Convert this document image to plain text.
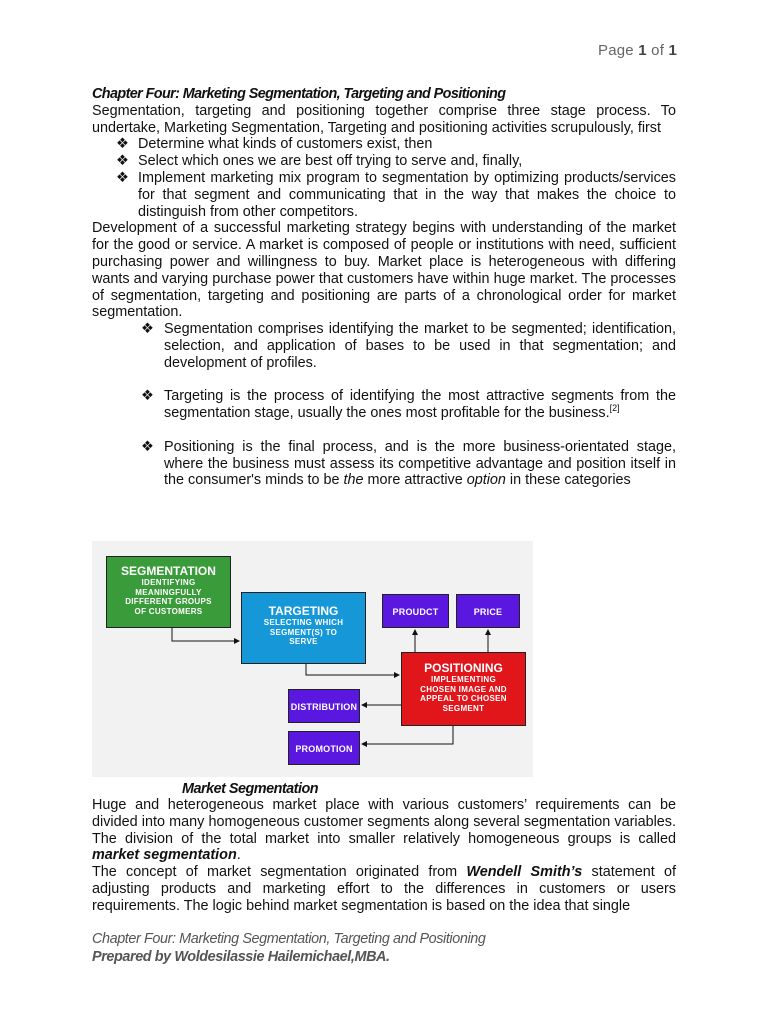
Page 1 of 1
Chapter Four: Marketing Segmentation, Targeting and Positioning

Segmentation, targeting and positioning together comprise three stage process. To undertake, Marketing Segmentation, Targeting and positioning activities scrupulously, first

❖ Determine what kinds of customers exist, then
❖ Select which ones we are best off trying to serve and, finally,
❖ Implement marketing mix program to segmentation by optimizing products/services for that segment and communicating that in the way that makes the choice to distinguish from other competitors.

Development of a successful marketing strategy begins with understanding of the market for the good or service. A market is composed of people or institutions with need, sufficient purchasing power and willingness to buy. Market place is heterogeneous with differing wants and varying purchase power that customers have within huge market. The processes of segmentation, targeting and positioning are parts of a chronological order for market segmentation.

❖ Segmentation comprises identifying the market to be segmented; identification, selection, and application of bases to be used in that segmentation; and development of profiles.
❖ Targeting is the process of identifying the most attractive segments from the segmentation stage, usually the ones most profitable for the business.[2]
❖ Positioning is the final process, and is the more business-orientated stage, where the business must assess its competitive advantage and position itself in the consumer's minds to be the more attractive option in these categories
SEGMENTATION
IDENTIFYING
MEANINGFULLY
DIFFERENT GROUPS
OF CUSTOMERS	TARGETING
SELECTING WHICH
SEGMENT(S) TO
SERVE
POSITIONING
IMPLEMENTING
CHOSEN IMAGE AND
APPEAL TO CHOSEN
SEGMENT
PROUDCT	PRICE
DISTRIBUTION
PROMOTION
Market Segmentation

Huge and heterogeneous market place with various customers’ requirements can be divided into many homogeneous customer segments along several segmentation variables. The division of the total market into smaller relatively homogeneous groups is called market segmentation.

The concept of market segmentation originated from Wendell Smith’s statement of adjusting products and marketing effort to the differences in customers or users requirements. The logic behind market segmentation is based on the idea that single

Chapter Four: Marketing Segmentation, Targeting and Positioning
Prepared by Woldesilassie Hailemichael,MBA.
